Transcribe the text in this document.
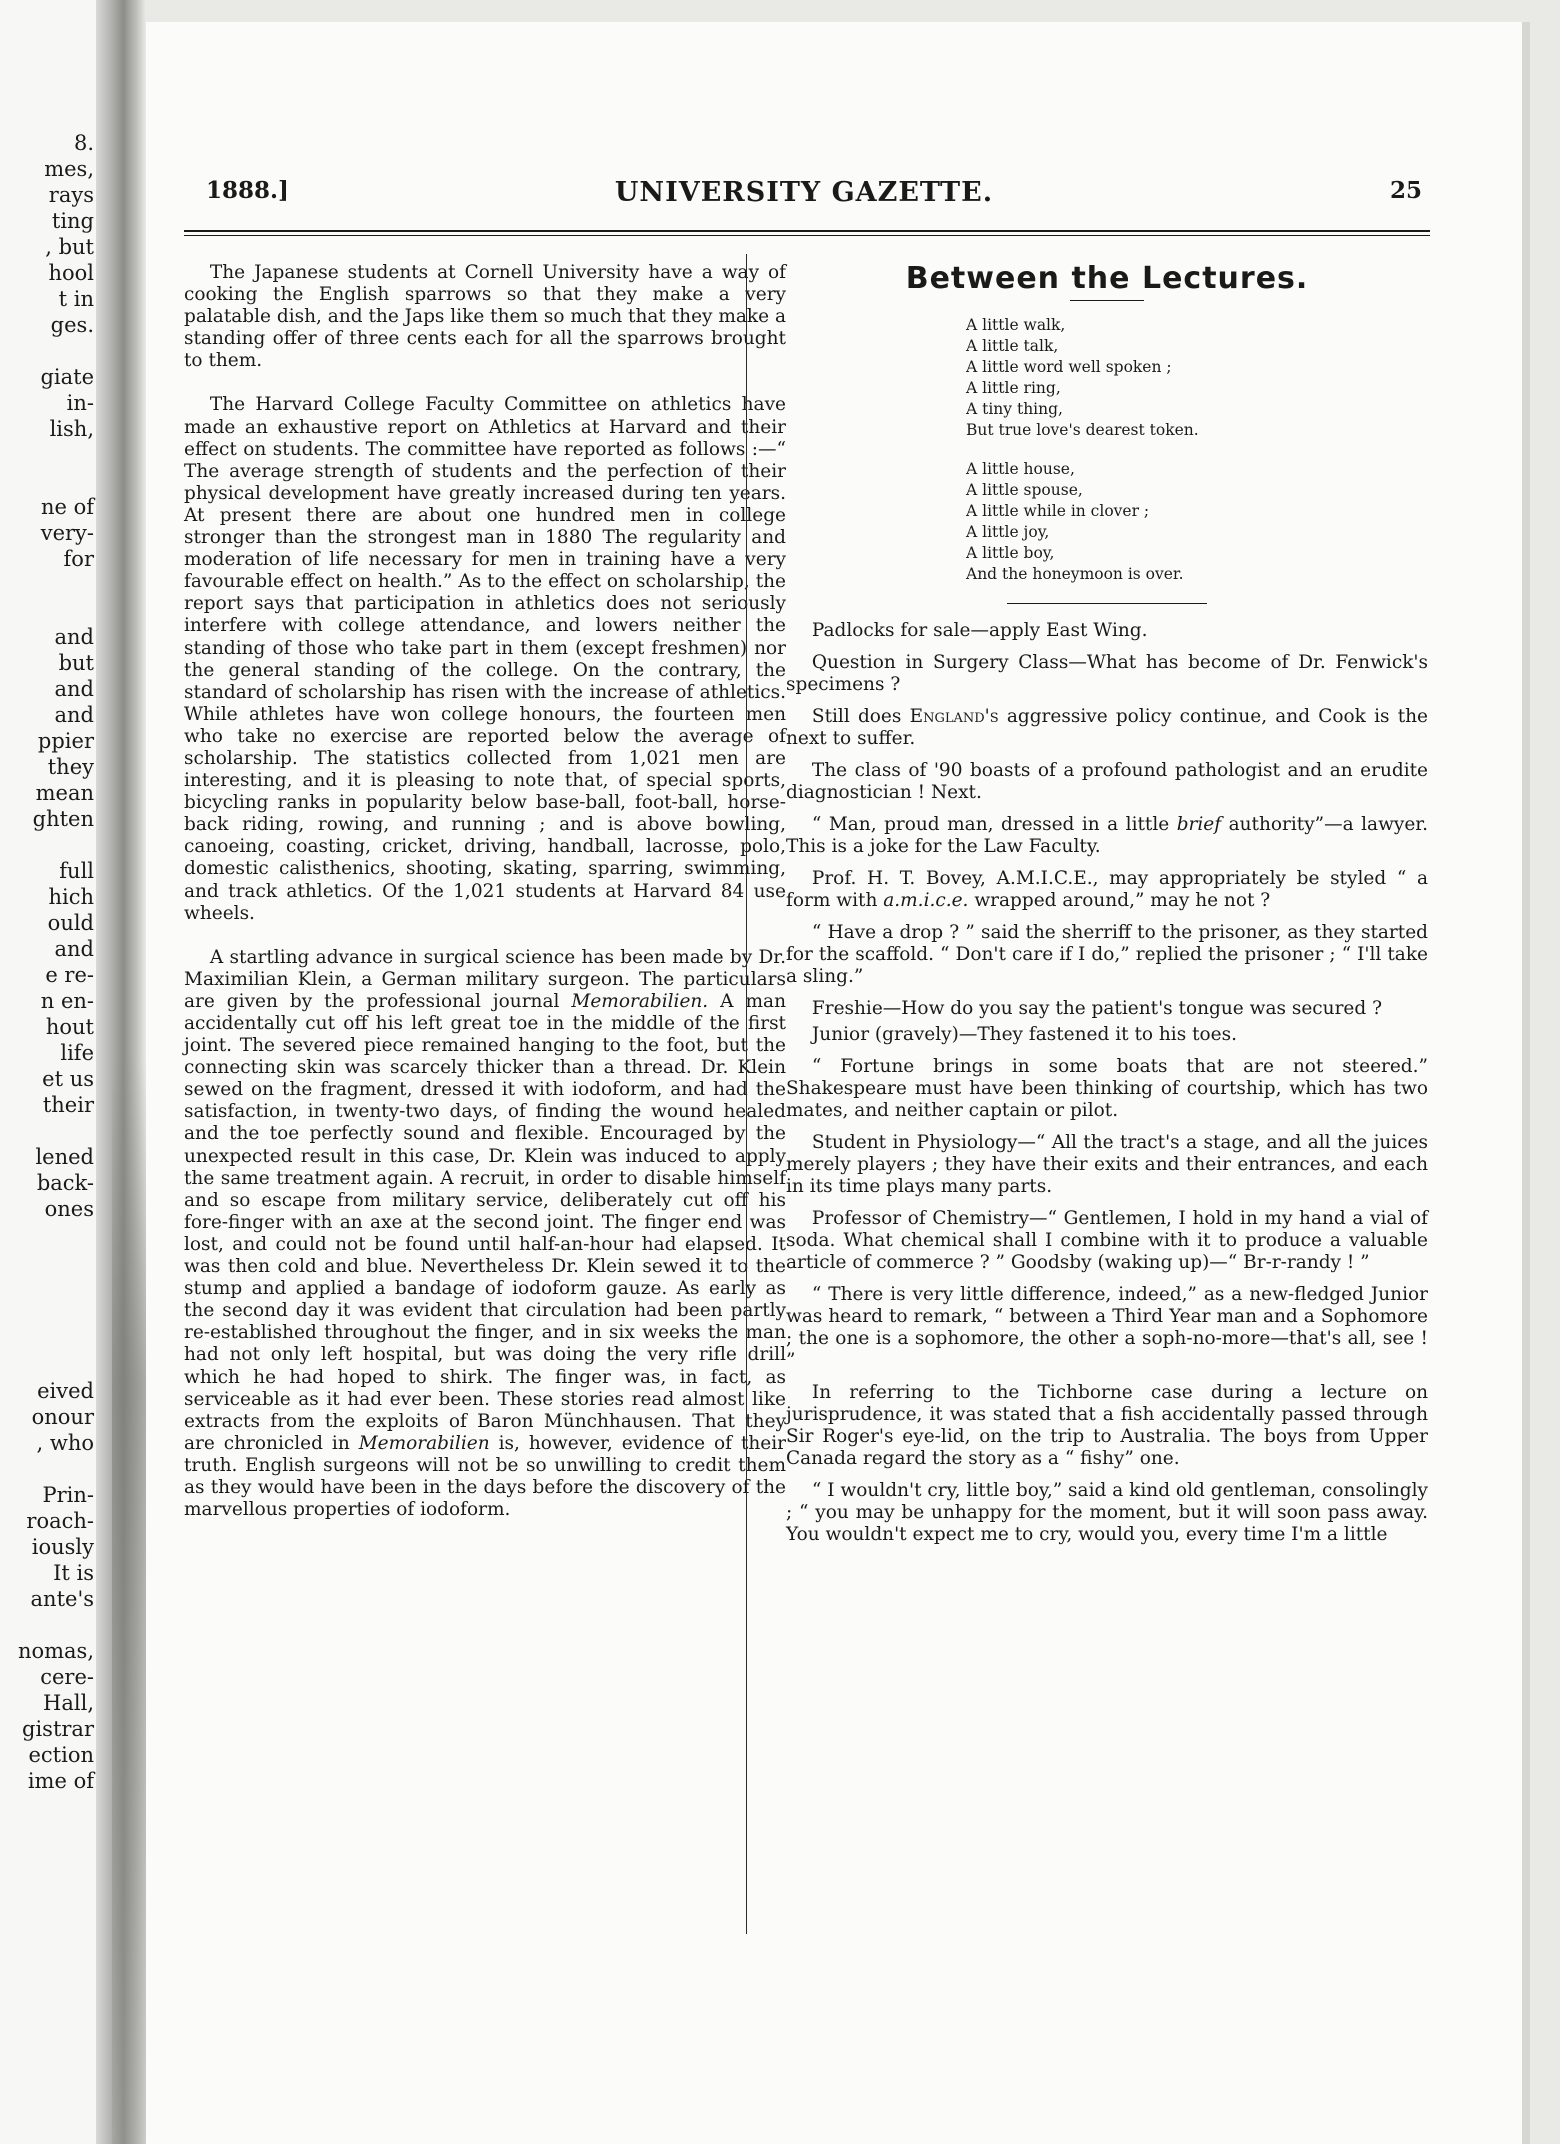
8.
mes,
rays
ting
, but
hool
t in
ges.

giate
in-
lish,

ne of
very-
for

and
but
and
and
ppier
they
mean
ghten

full
hich
ould
and
e re-
n en-
hout
life
et us
their

lened
back-
ones

eived
onour
, who

Prin-
roach-
iously
It is
ante's

nomas,
cere-
Hall,
gistrar
ection
ime of
UNIVERSITY GAZETTE.
1888.]	25

The Japanese students at Cornell University have a way of cooking the English sparrows so that they make a very palatable dish, and the Japs like them so much that they make a standing offer of three cents each for all the sparrows brought to them.

The Harvard College Faculty Committee on athletics have made an exhaustive report on Athletics at Harvard and their effect on students. The committee have reported as follows :—“ The average strength of students and the perfection of their physical development have greatly increased during ten years. At present there are about one hundred men in college stronger than the strongest man in 1880 The regularity and moderation of life necessary for men in training have a very favourable effect on health.” As to the effect on scholarship, the report says that participation in athletics does not seriously interfere with college attendance, and lowers neither the standing of those who take part in them (except freshmen) nor the general standing of the college. On the contrary, the standard of scholarship has risen with the increase of athletics. While athletes have won college honours, the fourteen men who take no exercise are reported below the average of scholarship. The statistics collected from 1,021 men are interesting, and it is pleasing to note that, of special sports, bicycling ranks in popularity below base-ball, foot-ball, horse-back riding, rowing, and running ; and is above bowling, canoeing, coasting, cricket, driving, handball, lacrosse, polo, domestic calisthenics, shooting, skating, sparring, swimming, and track athletics. Of the 1,021 students at Harvard 84 use wheels.

A startling advance in surgical science has been made by Dr. Maximilian Klein, a German military surgeon. The particulars are given by the professional journal Memorabilien. A man accidentally cut off his left great toe in the middle of the first joint. The severed piece remained hanging to the foot, but the connecting skin was scarcely thicker than a thread. Dr. Klein sewed on the fragment, dressed it with iodoform, and had the satisfaction, in twenty-two days, of finding the wound healed and the toe perfectly sound and flexible. Encouraged by the unexpected result in this case, Dr. Klein was induced to apply the same treatment again. A recruit, in order to disable himself and so escape from military service, deliberately cut off his fore-finger with an axe at the second joint. The finger end was lost, and could not be found until half-an-hour had elapsed. It was then cold and blue. Nevertheless Dr. Klein sewed it to the stump and applied a bandage of iodoform gauze. As early as the second day it was evident that circulation had been partly re-established throughout the finger, and in six weeks the man had not only left hospital, but was doing the very rifle drill which he had hoped to shirk. The finger was, in fact, as serviceable as it had ever been. These stories read almost like extracts from the exploits of Baron Münchhausen. That they are chronicled in Memorabilien is, however, evidence of their truth. English surgeons will not be so unwilling to credit them as they would have been in the days before the discovery of the marvellous properties of iodoform.

Between the Lectures.
A little walk,
A little talk,
A little word well spoken ;
A little ring,
A tiny thing,
But true love's dearest token.
A little house,
A little spouse,
A little while in clover ;
A little joy,
A little boy,
And the honeymoon is over.

Padlocks for sale—apply East Wing.

Question in Surgery Class—What has become of Dr. Fenwick's specimens ?

Still does England's aggressive policy continue, and Cook is the next to suffer.

The class of '90 boasts of a profound pathologist and an erudite diagnostician ! Next.

“ Man, proud man, dressed in a little brief authority”—a lawyer. This is a joke for the Law Faculty.

Prof. H. T. Bovey, A.M.I.C.E., may appropriately be styled “ a form with a.m.i.c.e. wrapped around,” may he not ?

“ Have a drop ? ” said the sherriff to the prisoner, as they started for the scaffold. “ Don't care if I do,” replied the prisoner ; “ I'll take a sling.”

Freshie—How do you say the patient's tongue was secured ?

Junior (gravely)—They fastened it to his toes.

“ Fortune brings in some boats that are not steered.” Shakespeare must have been thinking of courtship, which has two mates, and neither captain or pilot.

Student in Physiology—“ All the tract's a stage, and all the juices merely players ; they have their exits and their entrances, and each in its time plays many parts.

Professor of Chemistry—“ Gentlemen, I hold in my hand a vial of soda. What chemical shall I combine with it to produce a valuable article of commerce ? ” Goodsby (waking up)—“ Br-r-randy ! ”

“ There is very little difference, indeed,” as a new-fledged Junior was heard to remark, “ between a Third Year man and a Sophomore ; the one is a sophomore, the other a soph-no-more—that's all, see ! ”

In referring to the Tichborne case during a lecture on jurisprudence, it was stated that a fish accidentally passed through Sir Roger's eye-lid, on the trip to Australia. The boys from Upper Canada regard the story as a “ fishy” one.

“ I wouldn't cry, little boy,” said a kind old gentleman, consolingly ; “ you may be unhappy for the moment, but it will soon pass away. You wouldn't expect me to cry, would you, every time I'm a little
